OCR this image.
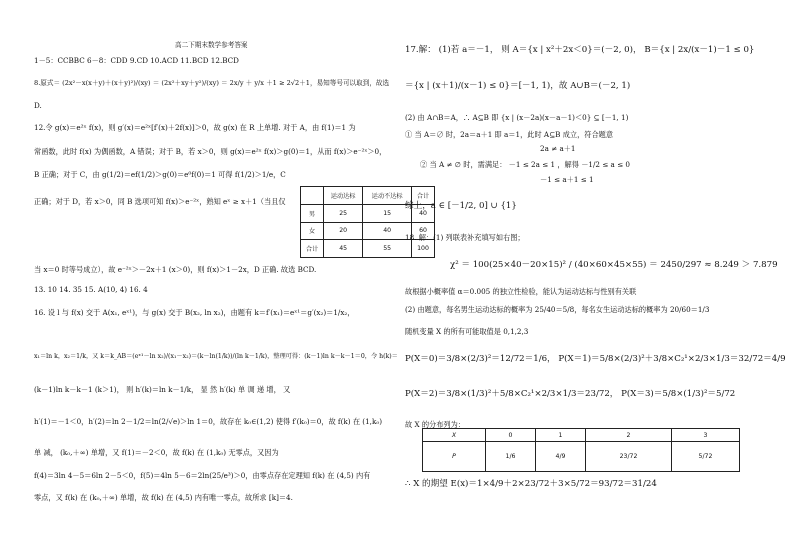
高二下期末数学参考答案
1－5：CCBBC 6－8：CDD 9.CD 10.ACD 11.BCD 12.BCD
8.原式＝ (2x²－x(x＋y)＋(x＋y)²)/(xy) ＝ (2x²＋xy＋y²)/(xy) ＝ 2x/y ＋ y/x ＋1 ≥ 2√2＋1，易知等号可以取到，故选
D.
12.令 g(x)＝e²ˣ f(x)，则 g′(x)＝e²ˣ[f′(x)＋2f(x)]＞0，故 g(x) 在 R 上单增. 对于 A，由 f(1)＝1 为
常函数，此时 f(x) 为偶函数，A 错误；对于 B，若 x＞0，则 g(x)＝e²ˣ f(x)＞g(0)＝1，从而 f(x)＞e⁻²ˣ＞0，
B 正确；对于 C，由 g(1/2)＝ef(1/2)＞g(0)＝e⁰f(0)＝1 可得 f(1/2)＞1/e，C
正确；对于 D，若 x＞0，同 B 选项可知 f(x)＞e⁻²ˣ，熟知 eˣ ≥ x＋1（当且仅
	运动达标	运动不达标	合计
男	25	15	40
女	20	40	60
合计	45	55	100
当 x＝0 时等号成立），故 e⁻²ˣ＞－2x＋1 (x＞0)，则 f(x)＞1－2x，D 正确. 故选 BCD.
13. 10 14. 35 15. A(10, 4) 16. 4
16. 设 l 与 f(x) 交于 A(x₁, eˣ¹)，与 g(x) 交于 B(x₂, ln x₂)，由题有 k＝f′(x₁)＝eˣ¹＝g′(x₂)＝1/x₂，
x₁＝ln k，x₂＝1/k，又 k＝k_AB＝(eˣ¹－ln x₂)/(x₁－x₂)＝(k－ln(1/k))/(ln k－1/k)，整理可得：(k－1)ln k－k－1＝0，令 h(k)＝
(k－1)ln k－k－1 (k＞1)， 则 h′(k)＝ln k－1/k， 显 然 h′(k) 单 调 递 增， 又
h′(1)＝－1＜0，h′(2)＝ln 2－1/2＝ln(2/√e)＞ln 1＝0，故存在 k₀∈(1,2) 使得 f′(k₀)＝0，故 f(k) 在 (1,k₀)
单 减， (k₀,＋∞) 单增，又 f(1)＝－2＜0，故 f(k) 在 (1,k₀) 无零点，又因为
f(4)＝3ln 4－5＝6ln 2－5＜0，f(5)＝4ln 5－6＝2ln(25/e³)＞0，由零点存在定理知 f(k) 在 (4,5) 内有
零点，又 f(k) 在 (k₀,＋∞) 单增，故 f(k) 在 (4,5) 内有唯一零点，故所求 [k]＝4.
17.解： (1)若 a＝－1， 则 A＝{x | x²＋2x＜0}＝(－2, 0)， B＝{x | 2x/(x－1)－1 ≤ 0}
＝{x | (x＋1)/(x－1) ≤ 0}＝[－1, 1)，故 A∪B＝(－2, 1)
(2) 由 A∩B＝A，∴ A⊆B 即 {x | (x－2a)(x－a－1)＜0} ⊆ [－1, 1)
① 当 A＝∅ 时，2a＝a＋1 即 a＝1，此时 A⊆B 成立，符合题意
2a ≠ a＋1
② 当 A ≠ ∅ 时，需满足： －1 ≤ 2a ≤ 1 ，解得 －1/2 ≤ a ≤ 0
－1 ≤ a＋1 ≤ 1
综上，a ∈ [－1/2, 0] ∪ {1}
18. 解：(1) 列联表补充填写如右图；
χ² ＝ 100(25×40－20×15)² / (40×60×45×55) ＝ 2450/297 ≈ 8.249 ＞ 7.879
故根据小概率值 α＝0.005 的独立性检验，能认为运动达标与性别有关联
(2) 由题意，每名男生运动达标的概率为 25/40＝5/8，每名女生运动达标的概率为 20/60＝1/3
随机变量 X 的所有可能取值是 0,1,2,3
P(X＝0)＝3/8×(2/3)²＝12/72＝1/6， P(X＝1)＝5/8×(2/3)²＋3/8×C₂¹×2/3×1/3＝32/72＝4/9
P(X＝2)＝3/8×(1/3)²＋5/8×C₂¹×2/3×1/3＝23/72， P(X＝3)＝5/8×(1/3)²＝5/72
故 X 的分布列为：
X	0	1	2	3
P	1/6	4/9	23/72	5/72
∴ X 的期望 E(x)＝1×4/9＋2×23/72＋3×5/72＝93/72＝31/24
